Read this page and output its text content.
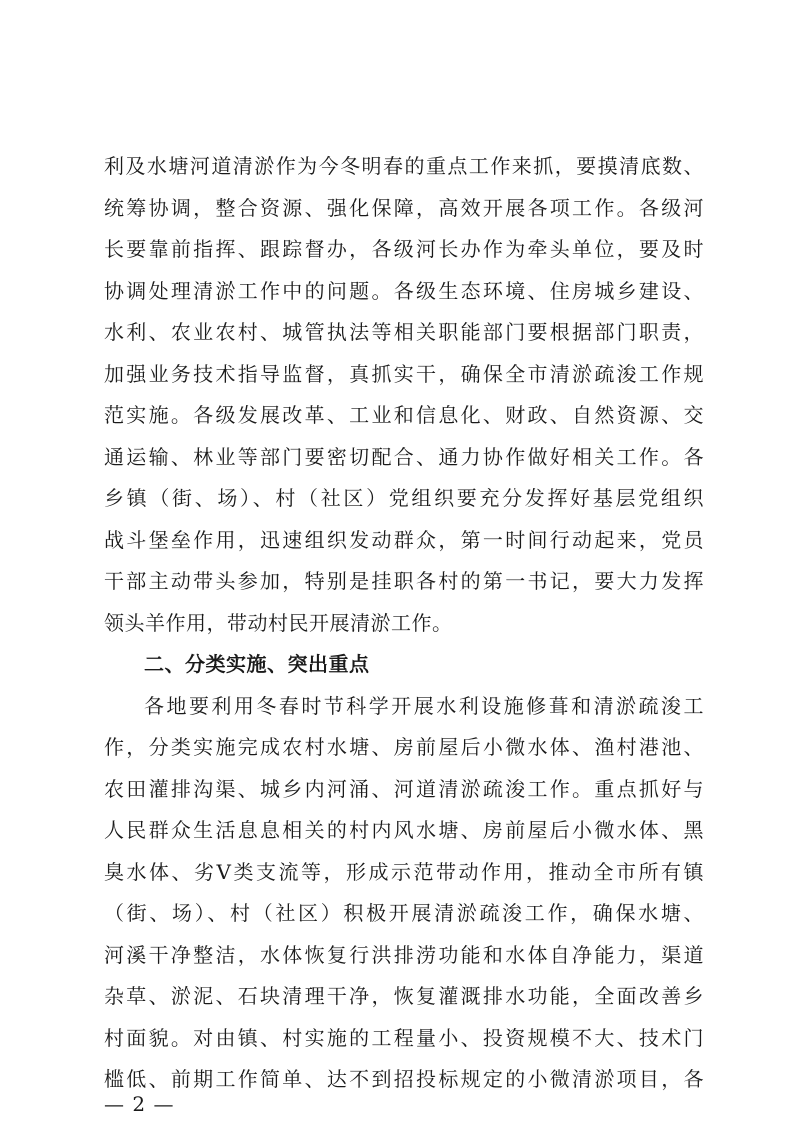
利及水塘河道清淤作为今冬明春的重点工作来抓，要摸清底数、
统筹协调，整合资源、强化保障，高效开展各项工作。各级河
长要靠前指挥、跟踪督办，各级河长办作为牵头单位，要及时
协调处理清淤工作中的问题。各级生态环境、住房城乡建设、
水利、农业农村、城管执法等相关职能部门要根据部门职责，
加强业务技术指导监督，真抓实干，确保全市清淤疏浚工作规
范实施。各级发展改革、工业和信息化、财政、自然资源、交
通运输、林业等部门要密切配合、通力协作做好相关工作。各
乡镇（街、场）、村（社区）党组织要充分发挥好基层党组织
战斗堡垒作用，迅速组织发动群众，第一时间行动起来，党员
干部主动带头参加，特别是挂职各村的第一书记，要大力发挥
领头羊作用，带动村民开展清淤工作。
二、分类实施、突出重点
各地要利用冬春时节科学开展水利设施修葺和清淤疏浚工
作，分类实施完成农村水塘、房前屋后小微水体、渔村港池、
农田灌排沟渠、城乡内河涌、河道清淤疏浚工作。重点抓好与
人民群众生活息息相关的村内风水塘、房前屋后小微水体、黑
臭水体、劣Ⅴ类支流等，形成示范带动作用，推动全市所有镇
（街、场）、村（社区）积极开展清淤疏浚工作，确保水塘、
河溪干净整洁，水体恢复行洪排涝功能和水体自净能力，渠道
杂草、淤泥、石块清理干净，恢复灌溉排水功能，全面改善乡
村面貌。对由镇、村实施的工程量小、投资规模不大、技术门
槛低、前期工作简单、达不到招投标规定的小微清淤项目，各
— 2 —
